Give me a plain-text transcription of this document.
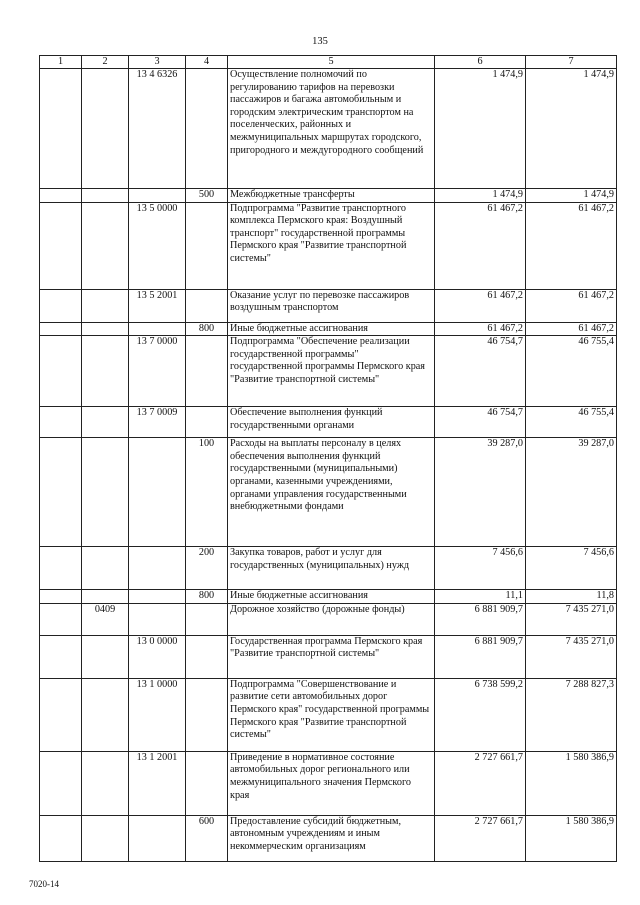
135
1	2	3	4	5	6	7
		13 4 6326		Осуществление полномочий по регулированию тарифов на перевозки пассажиров и багажа автомобильным и городским электрическим транспортом на поселенческих, районных и межмуниципальных маршрутах городского, пригородного и междугородного сообщений	1 474,9	1 474,9
			500	Межбюджетные трансферты	1 474,9	1 474,9
		13 5 0000		Подпрограмма "Развитие транспортного комплекса Пермского края: Воздушный транспорт" государственной программы Пермского края "Развитие транспортной системы"	61 467,2	61 467,2
		13 5 2001		Оказание услуг по перевозке пассажиров воздушным транспортом	61 467,2	61 467,2
			800	Иные бюджетные ассигнования	61 467,2	61 467,2
		13 7 0000		Подпрограмма "Обеспечение реализации государственной программы" государственной программы Пермского края "Развитие транспортной системы"	46 754,7	46 755,4
		13 7 0009		Обеспечение выполнения функций государственными органами	46 754,7	46 755,4
			100	Расходы на выплаты персоналу в целях обеспечения выполнения функций государственными (муниципальными) органами, казенными учреждениями, органами управления государственными внебюджетными фондами	39 287,0	39 287,0
			200	Закупка товаров, работ и услуг для государственных (муниципальных) нужд	7 456,6	7 456,6
			800	Иные бюджетные ассигнования	11,1	11,8
	0409			Дорожное хозяйство (дорожные фонды)	6 881 909,7	7 435 271,0
		13 0 0000		Государственная программа Пермского края "Развитие транспортной системы"	6 881 909,7	7 435 271,0
		13 1 0000		Подпрограмма "Совершенствование и развитие сети автомобильных дорог Пермского края" государственной программы Пермского края "Развитие транспортной системы"	6 738 599,2	7 288 827,3
		13 1 2001		Приведение в нормативное состояние автомобильных дорог регионального или межмуниципального значения Пермского края	2 727 661,7	1 580 386,9
			600	Предоставление субсидий бюджетным, автономным учреждениям и иным некоммерческим организациям	2 727 661,7	1 580 386,9
7020-14
